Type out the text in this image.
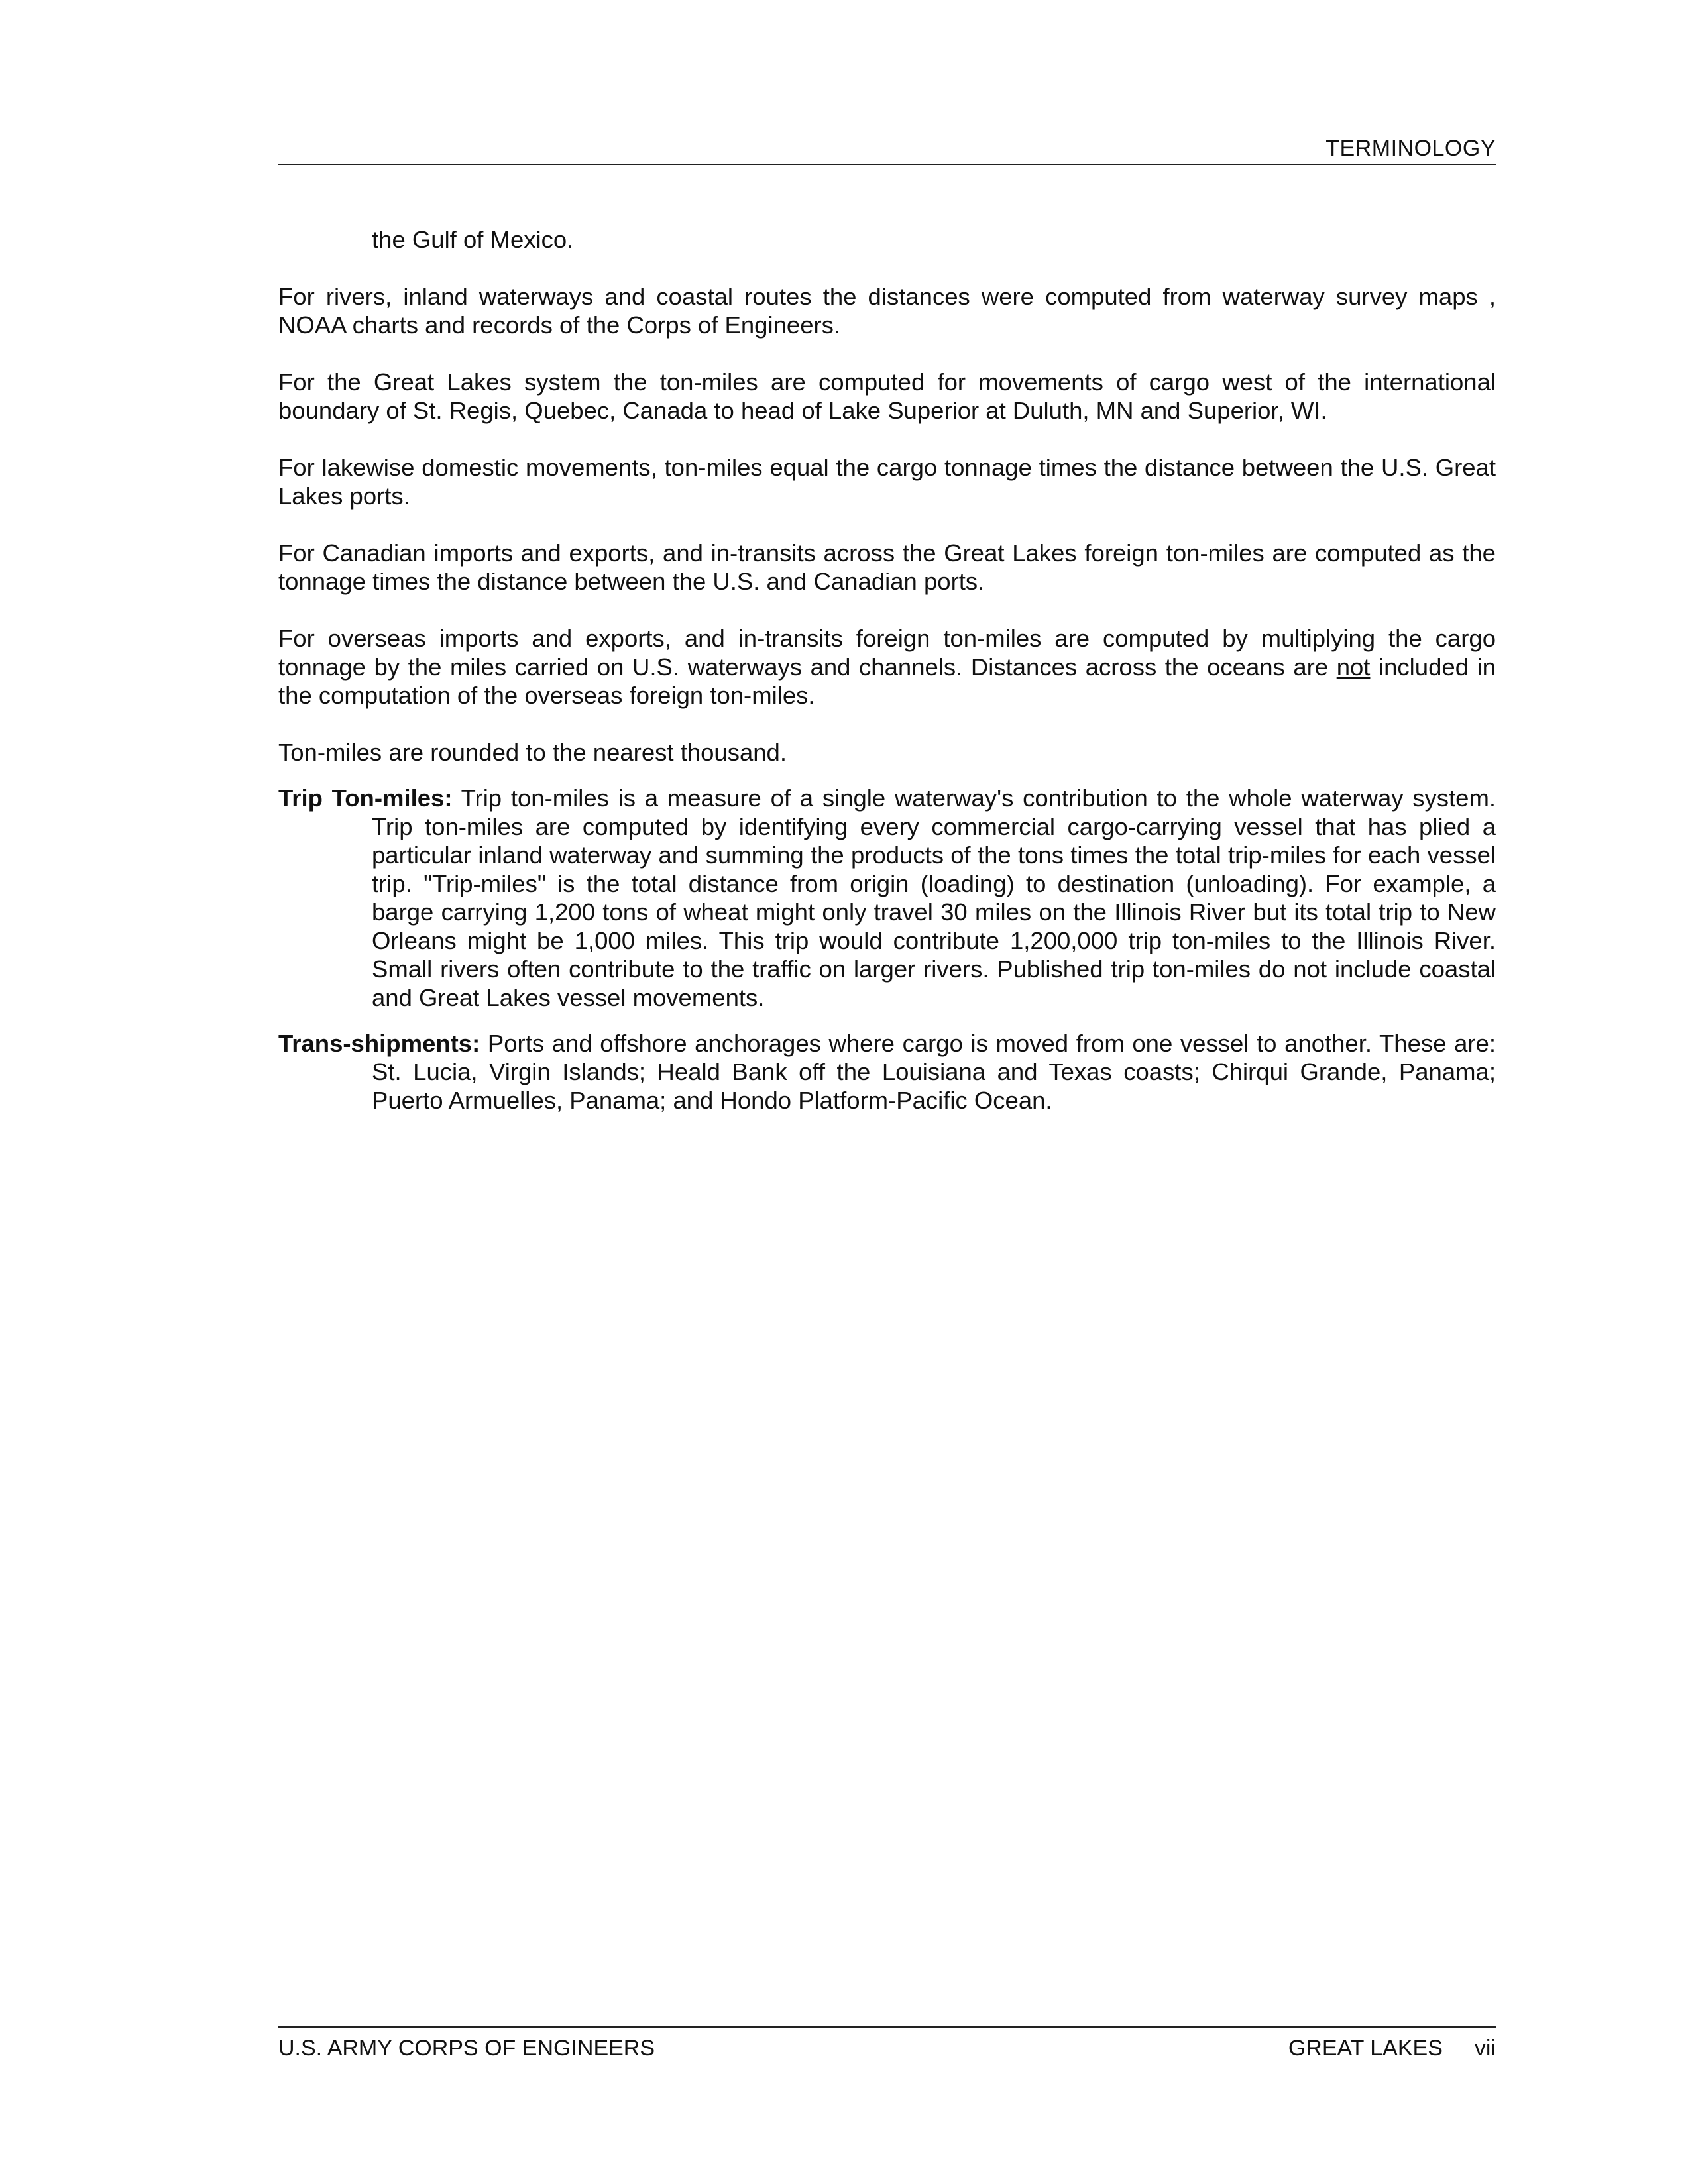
TERMINOLOGY

the Gulf of Mexico.

For rivers, inland waterways and coastal routes the distances were computed from waterway survey maps , NOAA charts and records of the Corps of Engineers.

For the Great Lakes system the ton-miles are computed for movements of cargo west of the international boundary of St. Regis, Quebec, Canada to head of Lake Superior at Duluth, MN and Superior, WI.

For lakewise domestic movements, ton-miles equal the cargo tonnage times the distance between the U.S. Great Lakes ports.

For Canadian imports and exports, and in-transits across the Great Lakes foreign ton-miles are computed as the tonnage times the distance between the U.S. and Canadian ports.

For overseas imports and exports, and in-transits foreign ton-miles are computed by multiplying the cargo tonnage by the miles carried on U.S. waterways and channels. Distances across the oceans are not included in the computation of the overseas foreign ton-miles.

Ton-miles are rounded to the nearest thousand.

Trip Ton-miles: Trip ton-miles is a measure of a single waterway's contribution to the whole waterway system. Trip ton-miles are computed by identifying every commercial cargo-carrying vessel that has plied a particular inland waterway and summing the products of the tons times the total trip-miles for each vessel trip. "Trip-miles" is the total distance from origin (loading) to destination (unloading). For example, a barge carrying 1,200 tons of wheat might only travel 30 miles on the Illinois River but its total trip to New Orleans might be 1,000 miles. This trip would contribute 1,200,000 trip ton-miles to the Illinois River. Small rivers often contribute to the traffic on larger rivers. Published trip ton-miles do not include coastal and Great Lakes vessel movements.

Trans-shipments: Ports and offshore anchorages where cargo is moved from one vessel to another. These are: St. Lucia, Virgin Islands; Heald Bank off the Louisiana and Texas coasts; Chirqui Grande, Panama; Puerto Armuelles, Panama; and Hondo Platform-Pacific Ocean.

U.S. ARMY CORPS OF ENGINEERS	GREAT LAKES vii
